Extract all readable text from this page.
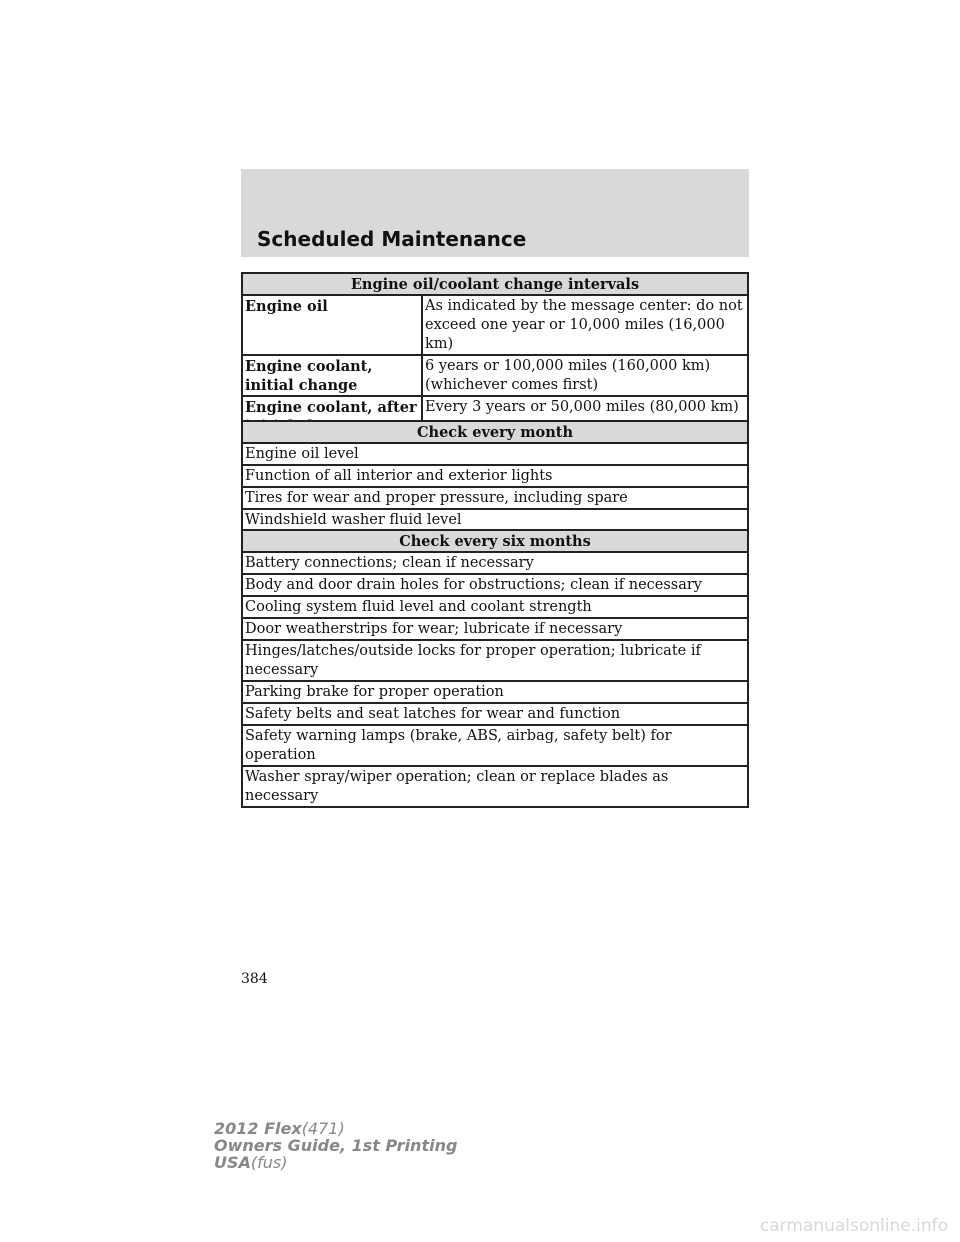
Scheduled Maintenance
Engine oil/coolant change intervals	
Engine oil	As indicated by the message center: do not exceed one year or 10,000 miles (16,000 km)
Engine coolant, initial change	6 years or 100,000 miles (160,000 km) (whichever comes first)
Engine coolant, after	Every 3 years or 50,000 miles (80,000 km)
Check every month
Engine oil level
Function of all interior and exterior lights
Tires for wear and proper pressure, including spare
Windshield washer fluid level
Check every six months
Battery connections; clean if necessary
Body and door drain holes for obstructions; clean if necessary
Cooling system fluid level and coolant strength
Door weatherstrips for wear; lubricate if necessary
Hinges/latches/outside locks for proper operation; lubricate if necessary
Parking brake for proper operation
Safety belts and seat latches for wear and function
Safety warning lamps (brake, ABS, airbag, safety belt) for operation
Washer spray/wiper operation; clean or replace blades as necessary
384
2012 Flex(471)
Owners Guide, 1st Printing
USA(fus)
carmanualsonline.info
